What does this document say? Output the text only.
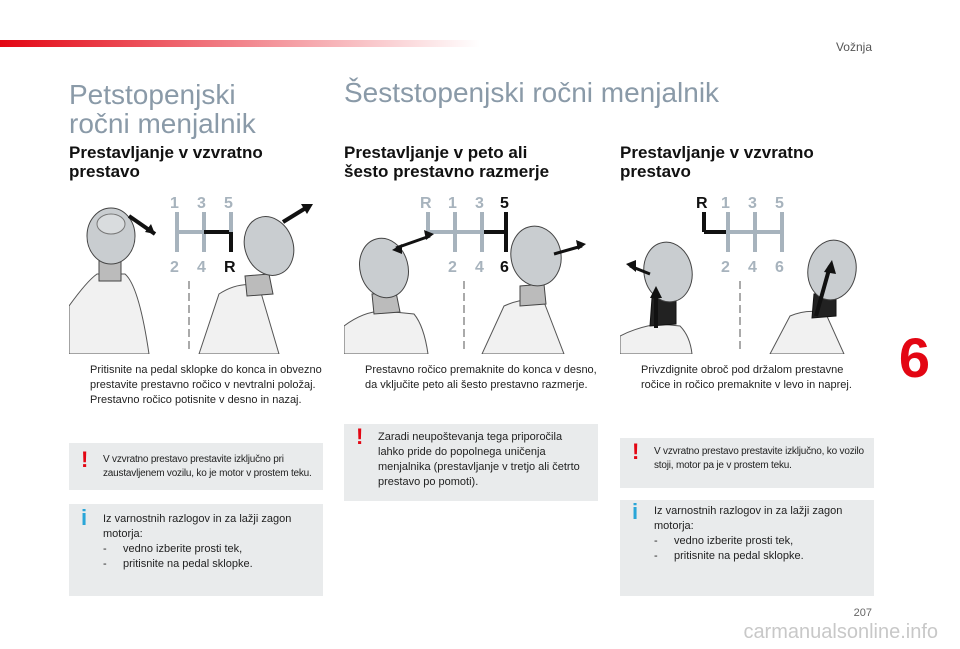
Vožnja
Petstopenjski
ročni menjalnik
Prestavljanje v vzvratno
prestavo
1 3 5
2 4 R

Pritisnite na pedal sklopke do konca in obvezno prestavite prestavno ročico v nevtralni položaj.

Prestavno ročico potisnite v desno in nazaj.

! V vzvratno prestavo prestavite izključno pri zaustavljenem vozilu, ko je motor v prostem teku.
i Iz varnostnih razlogov in za lažji zagon motorja:
- vedno izberite prosti tek,
- pritisnite na pedal sklopke.
Šeststopenjski ročni menjalnik
Prestavljanje v peto ali
šesto prestavno razmerje
R 1 3 5
2 4 6

Prestavno ročico premaknite do konca v desno, da vključite peto ali šesto prestavno razmerje.

! Zaradi neupoštevanja tega priporočila lahko pride do popolnega uničenja menjalnika (prestavljanje v tretjo ali četrto prestavo po pomoti).
Prestavljanje v vzvratno
prestavo
R 1 3 5
2 4 6

Privzdignite obroč pod držalom prestavne ročice in ročico premaknite v levo in naprej.

! V vzvratno prestavo prestavite izključno, ko vozilo stoji, motor pa je v prostem teku.
i Iz varnostnih razlogov in za lažji zagon motorja:
- vedno izberite prosti tek,
- pritisnite na pedal sklopke.
6
207
carmanualsonline.info
